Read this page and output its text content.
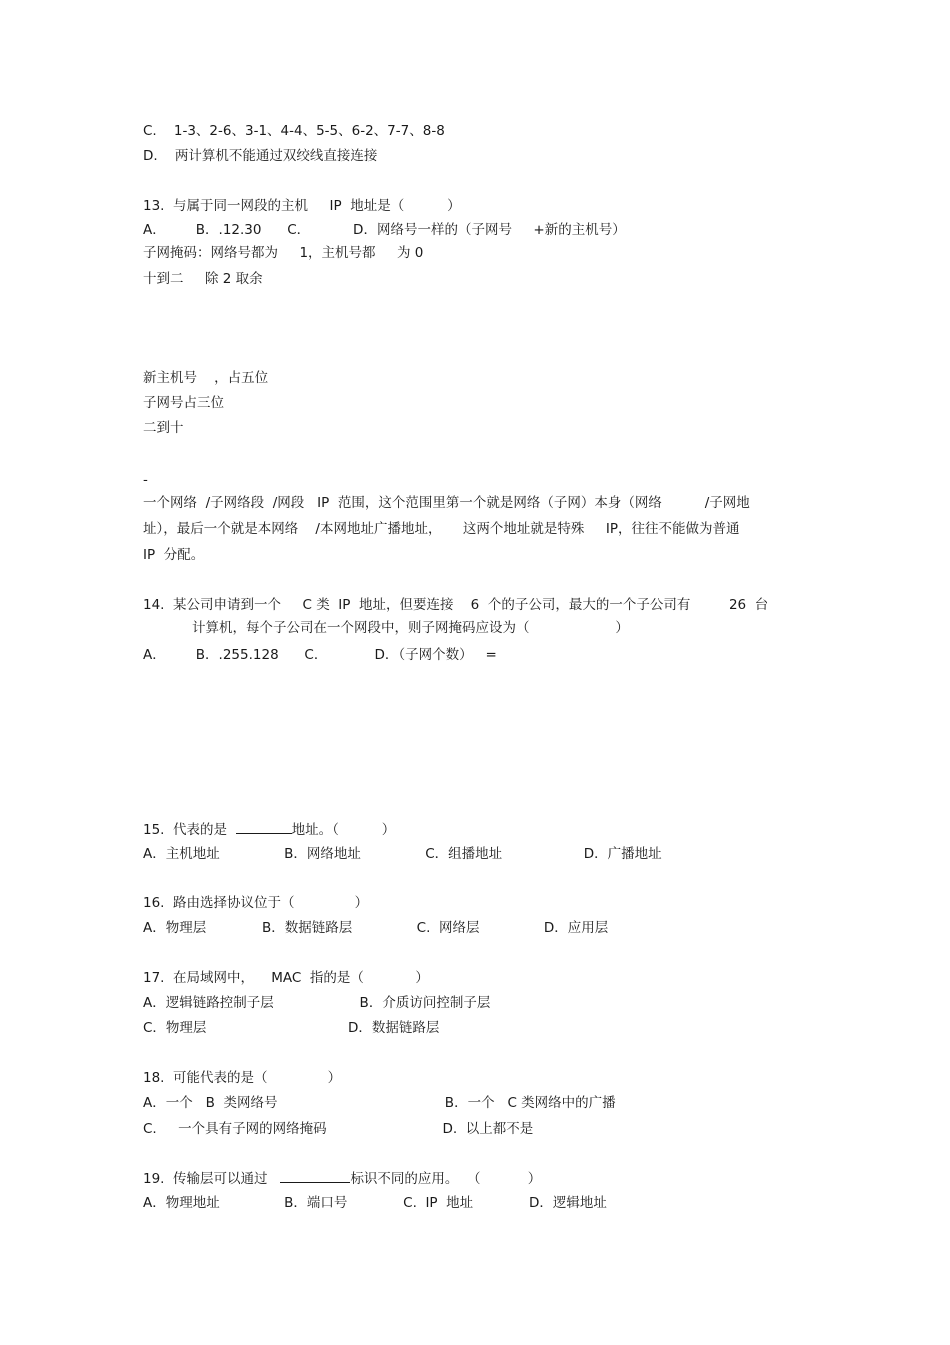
C.    1-3、2-6、3-1、4-4、5-5、6-2、7-7、8-8
D.    两计算机不能通过双绞线直接连接
13.  与属于同一网段的主机     IP  地址是（          ）
A．       B．.12.30      C．          D．网络号一样的（子网号     +新的主机号）
子网掩码：网络号都为     1，主机号都     为 0
十到二     除 2 取余
新主机号    ，占五位
子网号占三位
二到十
-
一个网络  /子网络段  /网段   IP  范围，这个范围里第一个就是网络（子网）本身（网络          /子网地
址），最后一个就是本网络    /本网地址广播地址，     这两个地址就是特殊     IP，往往不能做为普通
IP  分配。
14.  某公司申请到一个     C 类  IP  地址，但要连接    6  个的子公司，最大的一个子公司有         26  台
计算机，每个子公司在一个网段中，则子网掩码应设为（                    ）
A．       B．.255.128      C．           D．（子网个数）   =
15.  代表的是	地址。（          ）
A．主机地址               B．网络地址               C．组播地址                   D．广播地址
16.  路由选择协议位于（              ）
A．物理层             B．数据链路层               C.  网络层               D．应用层
17.  在局域网中，    MAC  指的是（            ）
A．逻辑链路控制子层                    B．介质访问控制子层
C．物理层                                 D．数据链路层
18.  可能代表的是（              ）
A．一个   B  类网络号                                       B．一个   C 类网络中的广播
C.     一个具有子网的网络掩码                           D.  以上都不是
19.  传输层可以通过	标识不同的应用。  （           ）
A．物理地址               B．端口号             C.  IP  地址             D．逻辑地址
